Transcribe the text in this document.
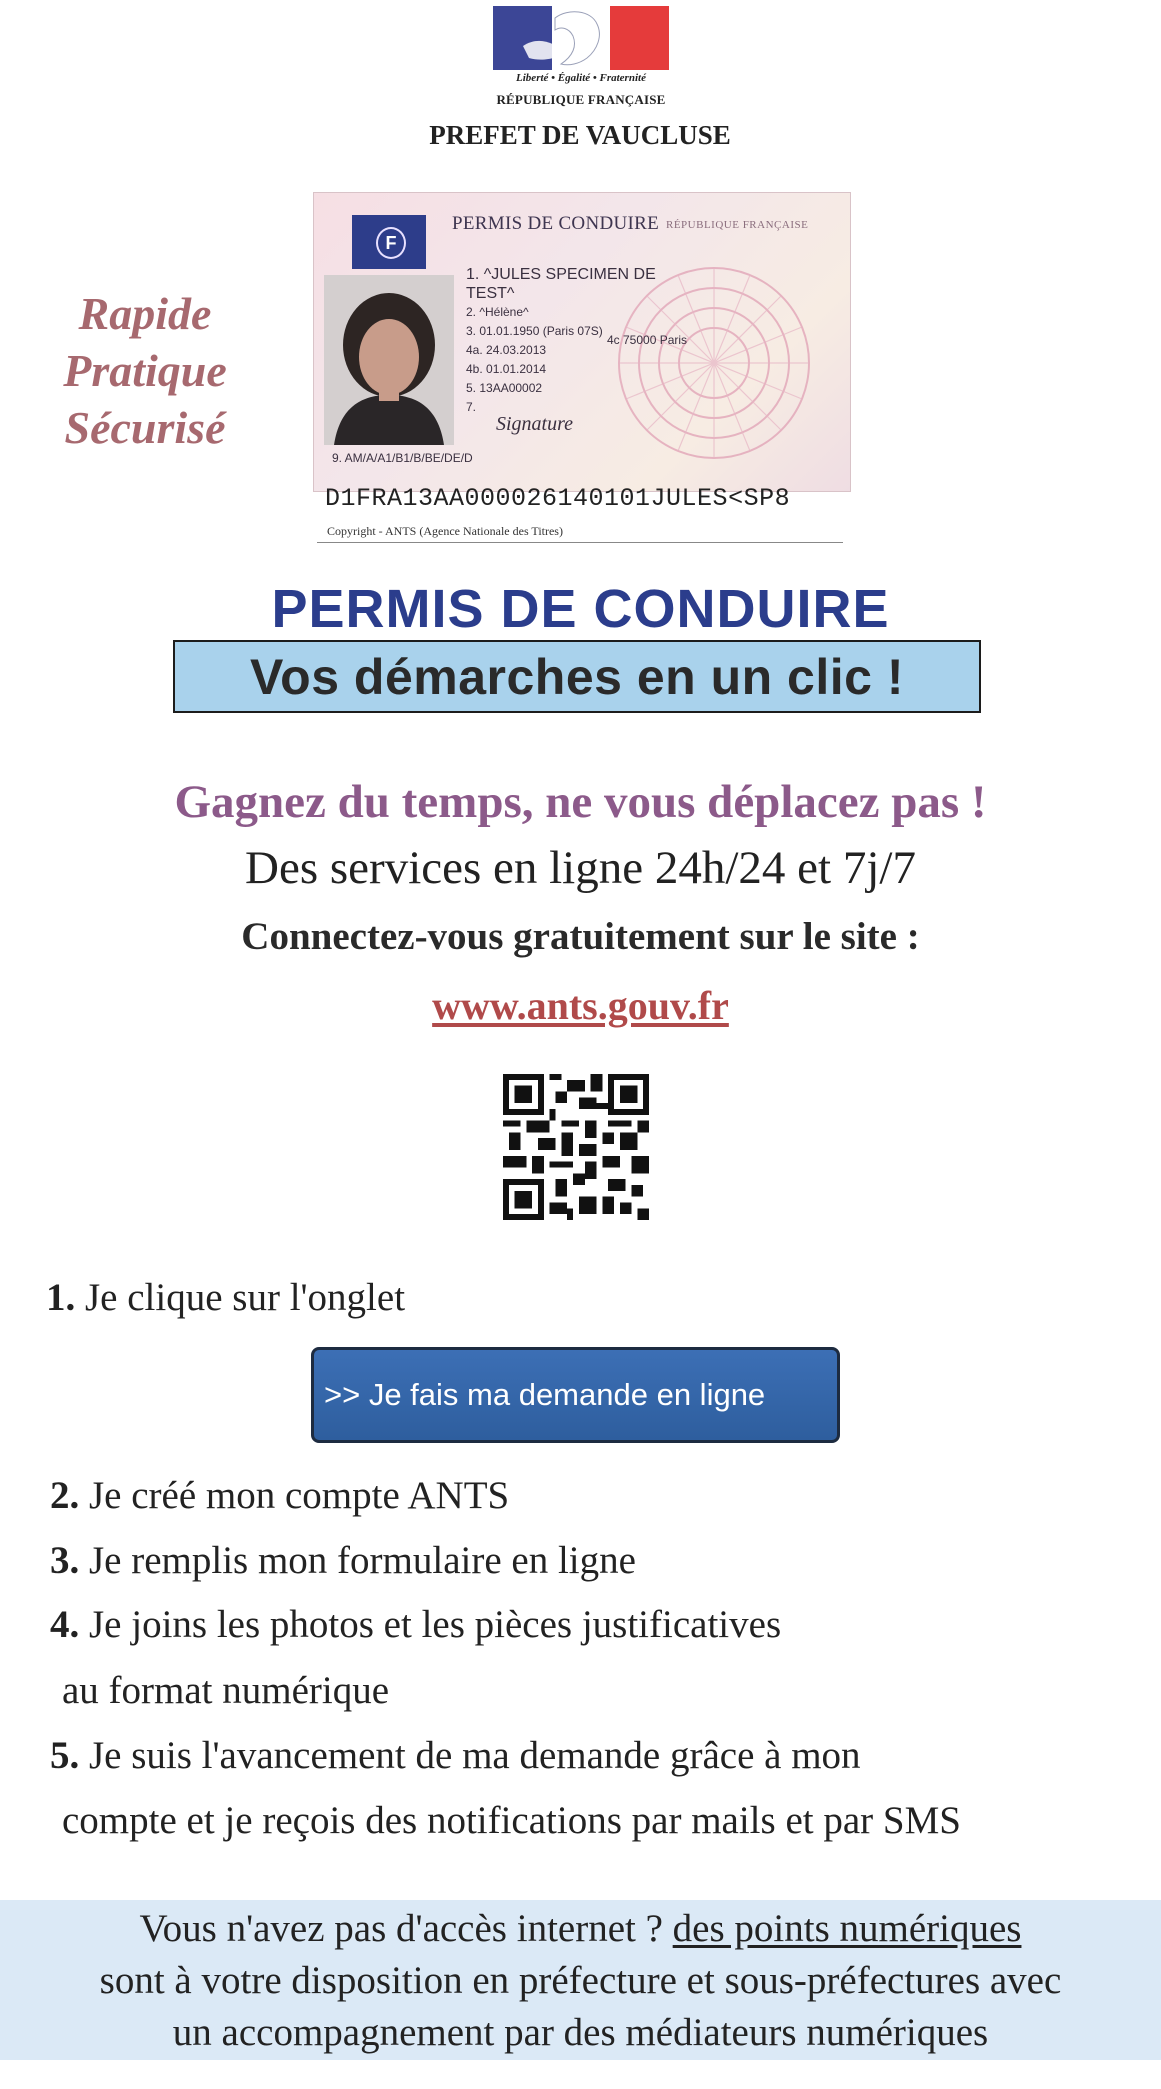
Liberté • Égalité • Fraternité
RÉPUBLIQUE FRANÇAISE
PREFET DE VAUCLUSE
Rapide
Pratique
Sécurisé
F
PERMIS DE CONDUIRE RÉPUBLIQUE FRANÇAISE
1. ^JULES SPECIMEN DE TEST^
2. ^Hélène^
3. 01.01.1950 (Paris 07S)
4a. 24.03.2013
4b. 01.01.2014
5. 13AA00002
7.
4c 75000 Paris
Signature
9. AM/A/A1/B1/B/BE/DE/D
D1FRA13AA000026140101JULES<SP8
Copyright - ANTS (Agence Nationale des Titres)
PERMIS DE CONDUIRE
Vos démarches en un clic !
Gagnez du temps, ne vous déplacez pas !
Des services en ligne 24h/24 et 7j/7
Connectez-vous gratuitement sur le site :
www.ants.gouv.fr
1. Je clique sur l'onglet
>> Je fais ma demande en ligne
2. Je créé mon compte ANTS
3. Je remplis mon formulaire en ligne
4. Je joins les photos et les pièces justificatives
au format numérique
5. Je suis l'avancement de ma demande grâce à mon
compte et je reçois des notifications par mails et par SMS
Vous n'avez pas d'accès internet ? des points numériques
sont à votre disposition en préfecture et sous-préfectures avec
un accompagnement par des médiateurs numériques
